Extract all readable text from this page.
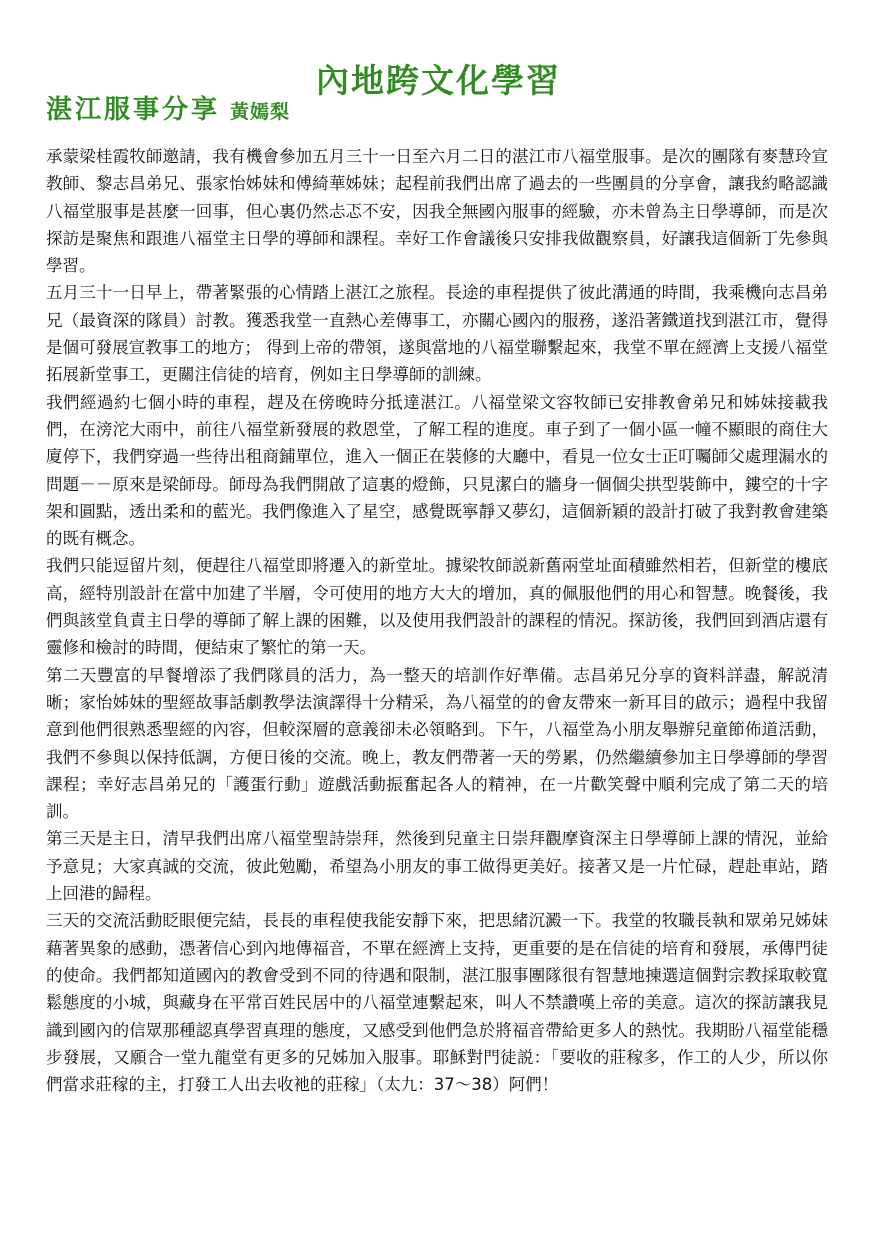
內地跨文化學習
湛江服事分享 黃嫣梨

承蒙梁桂霞牧師邀請，我有機會參加五月三十一日至六月二日的湛江市八福堂服事。是次的團隊有麥慧玲宣教師、黎志昌弟兄、張家怡姊妹和傅綺華姊妹；起程前我們出席了過去的一些團員的分享會，讓我約略認識八福堂服事是甚麼一回事，但心裏仍然忐忑不安，因我全無國內服事的經驗，亦未曾為主日學導師，而是次探訪是聚焦和跟進八福堂主日學的導師和課程。幸好工作會議後只安排我做觀察員，好讓我這個新丁先參與學習。

五月三十一日早上，帶著緊張的心情踏上湛江之旅程。長途的車程提供了彼此溝通的時間，我乘機向志昌弟兄（最資深的隊員）討教。獲悉我堂一直熱心差傳事工，亦關心國內的服務，遂沿著鐵道找到湛江市，覺得是個可發展宣教事工的地方； 得到上帝的帶領，遂與當地的八福堂聯繫起來，我堂不單在經濟上支援八福堂拓展新堂事工，更關注信徒的培育，例如主日學導師的訓練。

我們經過約七個小時的車程，趕及在傍晚時分抵達湛江。八福堂梁文容牧師已安排教會弟兄和姊妹接載我們，在滂沱大雨中，前往八福堂新發展的救恩堂，了解工程的進度。車子到了一個小區一幢不顯眼的商住大廈停下，我們穿過一些待出租商鋪單位，進入一個正在裝修的大廳中，看見一位女士正叮囑師父處理漏水的問題－－原來是梁師母。師母為我們開啟了這裏的燈飾，只見潔白的牆身一個個尖拱型裝飾中，鏤空的十字架和圓點，透出柔和的藍光。我們像進入了星空，感覺既寧靜又夢幻，這個新穎的設計打破了我對教會建築的既有概念。

我們只能逗留片刻，便趕往八福堂即將遷入的新堂址。據梁牧師説新舊兩堂址面積雖然相若，但新堂的樓底高，經特別設計在當中加建了半層，令可使用的地方大大的增加，真的佩服他們的用心和智慧。晚餐後，我們與該堂負責主日學的導師了解上課的困難，以及使用我們設計的課程的情況。探訪後，我們回到酒店還有靈修和檢討的時間，便結束了繁忙的第一天。

第二天豐富的早餐增添了我們隊員的活力，為一整天的培訓作好準備。志昌弟兄分享的資料詳盡，解説清晰；家怡姊妹的聖經故事話劇教學法演譯得十分精采，為八福堂的的會友帶來一新耳目的啟示；過程中我留意到他們很熟悉聖經的內容，但較深層的意義卻未必領略到。下午，八福堂為小朋友舉辦兒童節佈道活動，我們不參與以保持低調，方便日後的交流。晚上，教友們帶著一天的勞累，仍然繼續參加主日學導師的學習課程；幸好志昌弟兄的「護蛋行動」遊戲活動振奮起各人的精神，在一片歡笑聲中順利完成了第二天的培訓。

第三天是主日，清早我們出席八福堂聖詩崇拜，然後到兒童主日崇拜觀摩資深主日學導師上課的情況，並給予意見；大家真誠的交流，彼此勉勵，希望為小朋友的事工做得更美好。接著又是一片忙碌，趕赴車站，踏上回港的歸程。

三天的交流活動眨眼便完結，長長的車程使我能安靜下來，把思緒沉澱一下。我堂的牧職長執和眾弟兄姊妹藉著異象的感動，憑著信心到內地傳福音，不單在經濟上支持，更重要的是在信徒的培育和發展，承傳門徒的使命。我們都知道國內的教會受到不同的待遇和限制，湛江服事團隊很有智慧地揀選這個對宗教採取較寬鬆態度的小城，與藏身在平常百姓民居中的八福堂連繫起來，叫人不禁讚嘆上帝的美意。這次的探訪讓我見識到國內的信眾那種認真學習真理的態度，又感受到他們急於將福音帶給更多人的熱忱。我期盼八福堂能穩步發展，又願合一堂九龍堂有更多的兄姊加入服事。耶穌對門徒説：「要收的莊稼多，作工的人少，所以你們當求莊稼的主，打發工人出去收衪的莊稼」（太九：37～38）阿們！
